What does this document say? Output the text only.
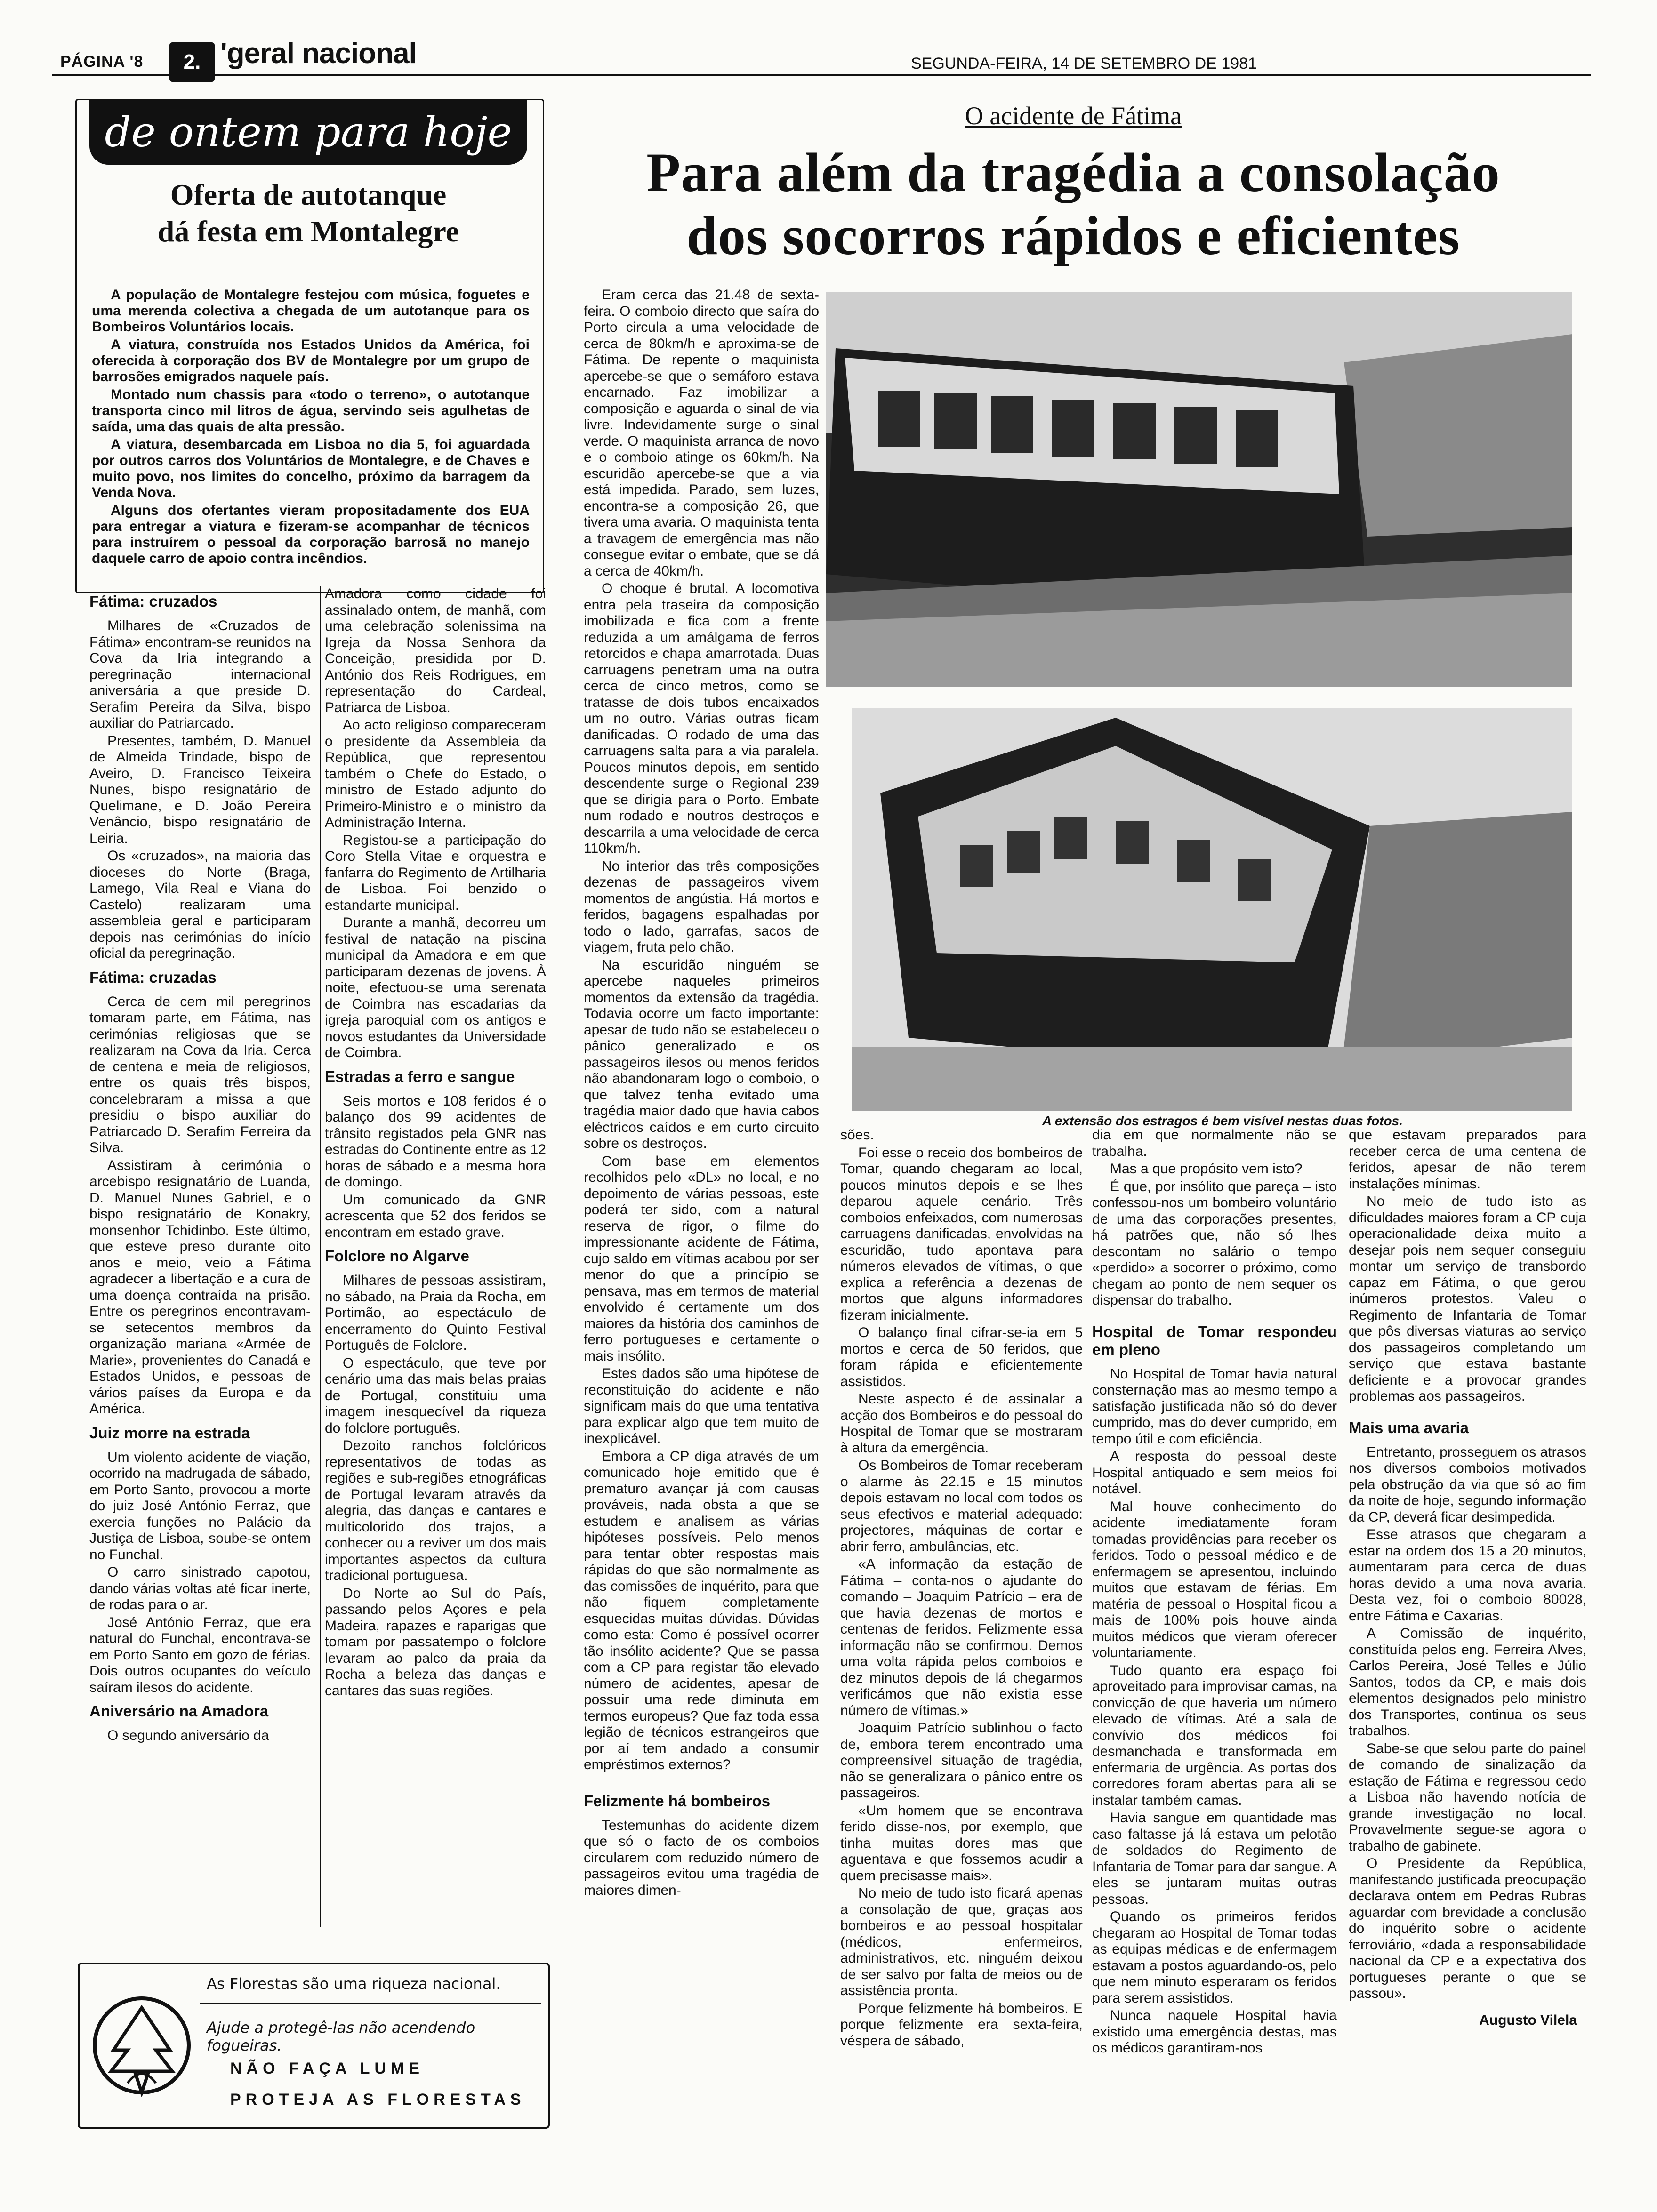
PÁGINA '8	2. 'geral nacional	SEGUNDA-FEIRA, 14 DE SETEMBRO DE 1981
de ontem para hoje
Oferta de autotanque
dá festa em Montalegre

A população de Montalegre festejou com música, foguetes e uma merenda colectiva a chegada de um autotanque para os Bombeiros Voluntários locais.

A viatura, construída nos Estados Unidos da América, foi oferecida à corporação dos BV de Montalegre por um grupo de barrosões emigrados naquele país.

Montado num chassis para «todo o terreno», o autotanque transporta cinco mil litros de água, servindo seis agulhetas de saída, uma das quais de alta pressão.

A viatura, desembarcada em Lisboa no dia 5, foi aguardada por outros carros dos Voluntários de Montalegre, e de Chaves e muito povo, nos limites do concelho, próximo da barragem da Venda Nova.

Alguns dos ofertantes vieram propositadamente dos EUA para entregar a viatura e fizeram-se acompanhar de técnicos para instruírem o pessoal da corporação barrosã no manejo daquele carro de apoio contra incêndios.

Fátima: cruzados

Milhares de «Cruzados de Fátima» encontram-se reunidos na Cova da Iria integrando a peregrinação internacional aniversária a que preside D. Serafim Pereira da Silva, bispo auxiliar do Patriarcado.

Presentes, também, D. Manuel de Almeida Trindade, bispo de Aveiro, D. Francisco Teixeira Nunes, bispo resignatário de Quelimane, e D. João Pereira Venâncio, bispo resignatário de Leiria.

Os «cruzados», na maioria das dioceses do Norte (Braga, Lamego, Vila Real e Viana do Castelo) realizaram uma assembleia geral e participaram depois nas cerimónias do início oficial da peregrinação.

Fátima: cruzadas

Cerca de cem mil peregrinos tomaram parte, em Fátima, nas cerimónias religiosas que se realizaram na Cova da Iria. Cerca de centena e meia de religiosos, entre os quais três bispos, concelebraram a missa a que presidiu o bispo auxiliar do Patriarcado D. Serafim Ferreira da Silva.

Assistiram à cerimónia o arcebispo resignatário de Luanda, D. Manuel Nunes Gabriel, e o bispo resignatário de Konakry, monsenhor Tchidinbo. Este último, que esteve preso durante oito anos e meio, veio a Fátima agradecer a libertação e a cura de uma doença contraída na prisão. Entre os peregrinos encontravam-se setecentos membros da organização mariana «Armée de Marie», provenientes do Canadá e Estados Unidos, e pessoas de vários países da Europa e da América.

Juiz morre na estrada

Um violento acidente de viação, ocorrido na madrugada de sábado, em Porto Santo, provocou a morte do juiz José António Ferraz, que exercia funções no Palácio da Justiça de Lisboa, soube-se ontem no Funchal.

O carro sinistrado capotou, dando várias voltas até ficar inerte, de rodas para o ar.

José António Ferraz, que era natural do Funchal, encontrava-se em Porto Santo em gozo de férias. Dois outros ocupantes do veículo saíram ilesos do acidente.

Aniversário na Amadora

O segundo aniversário da

Amadora como cidade foi assinalado ontem, de manhã, com uma celebração solenissima na Igreja da Nossa Senhora da Conceição, presidida por D. António dos Reis Rodrigues, em representação do Cardeal, Patriarca de Lisboa.

Ao acto religioso compareceram o presidente da Assembleia da República, que representou também o Chefe do Estado, o ministro de Estado adjunto do Primeiro-Ministro e o ministro da Administração Interna.

Registou-se a participação do Coro Stella Vitae e orquestra e fanfarra do Regimento de Artilharia de Lisboa. Foi benzido o estandarte municipal.

Durante a manhã, decorreu um festival de natação na piscina municipal da Amadora e em que participaram dezenas de jovens. À noite, efectuou-se uma serenata de Coimbra nas escadarias da igreja paroquial com os antigos e novos estudantes da Universidade de Coimbra.

Estradas a ferro e sangue

Seis mortos e 108 feridos é o balanço dos 99 acidentes de trânsito registados pela GNR nas estradas do Continente entre as 12 horas de sábado e a mesma hora de domingo.

Um comunicado da GNR acrescenta que 52 dos feridos se encontram em estado grave.

Folclore no Algarve

Milhares de pessoas assistiram, no sábado, na Praia da Rocha, em Portimão, ao espectáculo de encerramento do Quinto Festival Português de Folclore.

O espectáculo, que teve por cenário uma das mais belas praias de Portugal, constituiu uma imagem inesquecível da riqueza do folclore português.

Dezoito ranchos folclóricos representativos de todas as regiões e sub-regiões etnográficas de Portugal levaram através da alegria, das danças e cantares e multicolorido dos trajos, a conhecer ou a reviver um dos mais importantes aspectos da cultura tradicional portuguesa.

Do Norte ao Sul do País, passando pelos Açores e pela Madeira, rapazes e raparigas que tomam por passatempo o folclore levaram ao palco da praia da Rocha a beleza das danças e cantares das suas regiões.

As Florestas são uma riqueza nacional.
Ajude a protegê-las não acendendo fogueiras.
NÃO FAÇA LUME
PROTEJA AS FLORESTAS
O acidente de Fátima
Para além da tragédia a consolação
dos socorros rápidos e eficientes
A extensão dos estragos é bem visível nestas duas fotos.

Eram cerca das 21.48 de sexta-feira. O comboio directo que saíra do Porto circula a uma velocidade de cerca de 80km/h e aproxima-se de Fátima. De repente o maquinista apercebe-se que o semáforo estava encarnado. Faz imobilizar a composição e aguarda o sinal de via livre. Indevidamente surge o sinal verde. O maquinista arranca de novo e o comboio atinge os 60km/h. Na escuridão apercebe-se que a via está impedida. Parado, sem luzes, encontra-se a composição 26, que tivera uma avaria. O maquinista tenta a travagem de emergência mas não consegue evitar o embate, que se dá a cerca de 40km/h.

O choque é brutal. A locomotiva entra pela traseira da composição imobilizada e fica com a frente reduzida a um amálgama de ferros retorcidos e chapa amarrotada. Duas carruagens penetram uma na outra cerca de cinco metros, como se tratasse de dois tubos encaixados um no outro. Várias outras ficam danificadas. O rodado de uma das carruagens salta para a via paralela. Poucos minutos depois, em sentido descendente surge o Regional 239 que se dirigia para o Porto. Embate num rodado e noutros destroços e descarrila a uma velocidade de cerca 110km/h.

No interior das três composições dezenas de passageiros vivem momentos de angústia. Há mortos e feridos, bagagens espalhadas por todo o lado, garrafas, sacos de viagem, fruta pelo chão.

Na escuridão ninguém se apercebe naqueles primeiros momentos da extensão da tragédia. Todavia ocorre um facto importante: apesar de tudo não se estabeleceu o pânico generalizado e os passageiros ilesos ou menos feridos não abandonaram logo o comboio, o que talvez tenha evitado uma tragédia maior dado que havia cabos eléctricos caídos e em curto circuito sobre os destroços.

Com base em elementos recolhidos pelo «DL» no local, e no depoimento de várias pessoas, este poderá ter sido, com a natural reserva de rigor, o filme do impressionante acidente de Fátima, cujo saldo em vítimas acabou por ser menor do que a princípio se pensava, mas em termos de material envolvido é certamente um dos maiores da história dos caminhos de ferro portugueses e certamente o mais insólito.

Estes dados são uma hipótese de reconstituição do acidente e não significam mais do que uma tentativa para explicar algo que tem muito de inexplicável.

Embora a CP diga através de um comunicado hoje emitido que é prematuro avançar já com causas prováveis, nada obsta a que se estudem e analisem as várias hipóteses possíveis. Pelo menos para tentar obter respostas mais rápidas do que são normalmente as das comissões de inquérito, para que não fiquem completamente esquecidas muitas dúvidas. Dúvidas como esta: Como é possível ocorrer tão insólito acidente? Que se passa com a CP para registar tão elevado número de acidentes, apesar de possuir uma rede diminuta em termos europeus? Que faz toda essa legião de técnicos estrangeiros que por aí tem andado a consumir empréstimos externos?

Felizmente há bombeiros

Testemunhas do acidente dizem que só o facto de os comboios circularem com reduzido número de passageiros evitou uma tragédia de maiores dimen-

sões.

Foi esse o receio dos bombeiros de Tomar, quando chegaram ao local, poucos minutos depois e se lhes deparou aquele cenário. Três comboios enfeixados, com numerosas carruagens danificadas, envolvidas na escuridão, tudo apontava para números elevados de vítimas, o que explica a referência a dezenas de mortos que alguns informadores fizeram inicialmente.

O balanço final cifrar-se-ia em 5 mortos e cerca de 50 feridos, que foram rápida e eficientemente assistidos.

Neste aspecto é de assinalar a acção dos Bombeiros e do pessoal do Hospital de Tomar que se mostraram à altura da emergência.

Os Bombeiros de Tomar receberam o alarme às 22.15 e 15 minutos depois estavam no local com todos os seus efectivos e material adequado: projectores, máquinas de cortar e abrir ferro, ambulâncias, etc.

«A informação da estação de Fátima – conta-nos o ajudante do comando – Joaquim Patrício – era de que havia dezenas de mortos e centenas de feridos. Felizmente essa informação não se confirmou. Demos uma volta rápida pelos comboios e dez minutos depois de lá chegarmos verificámos que não existia esse número de vítimas.»

Joaquim Patrício sublinhou o facto de, embora terem encontrado uma compreensível situação de tragédia, não se generalizara o pânico entre os passageiros.

«Um homem que se encontrava ferido disse-nos, por exemplo, que tinha muitas dores mas que aguentava e que fossemos acudir a quem precisasse mais».

No meio de tudo isto ficará apenas a consolação de que, graças aos bombeiros e ao pessoal hospitalar (médicos, enfermeiros, administrativos, etc. ninguém deixou de ser salvo por falta de meios ou de assistência pronta.

Porque felizmente há bombeiros. E porque felizmente era sexta-feira, véspera de sábado,

dia em que normalmente não se trabalha.

Mas a que propósito vem isto?

É que, por insólito que pareça – isto confessou-nos um bombeiro voluntário de uma das corporações presentes, há patrões que, não só lhes descontam no salário o tempo «perdido» a socorrer o próximo, como chegam ao ponto de nem sequer os dispensar do trabalho.

Hospital de Tomar respondeu em pleno

No Hospital de Tomar havia natural consternação mas ao mesmo tempo a satisfação justificada não só do dever cumprido, mas do dever cumprido, em tempo útil e com eficiência.

A resposta do pessoal deste Hospital antiquado e sem meios foi notável.

Mal houve conhecimento do acidente imediatamente foram tomadas providências para receber os feridos. Todo o pessoal médico e de enfermagem se apresentou, incluindo muitos que estavam de férias. Em matéria de pessoal o Hospital ficou a mais de 100% pois houve ainda muitos médicos que vieram oferecer voluntariamente.

Tudo quanto era espaço foi aproveitado para improvisar camas, na convicção de que haveria um número elevado de vítimas. Até a sala de convívio dos médicos foi desmanchada e transformada em enfermaria de urgência. As portas dos corredores foram abertas para ali se instalar também camas.

Havia sangue em quantidade mas caso faltasse já lá estava um pelotão de soldados do Regimento de Infantaria de Tomar para dar sangue. A eles se juntaram muitas outras pessoas.

Quando os primeiros feridos chegaram ao Hospital de Tomar todas as equipas médicas e de enfermagem estavam a postos aguardando-os, pelo que nem minuto esperaram os feridos para serem assistidos.

Nunca naquele Hospital havia existido uma emergência destas, mas os médicos garantiram-nos

que estavam preparados para receber cerca de uma centena de feridos, apesar de não terem instalações mínimas.

No meio de tudo isto as dificuldades maiores foram a CP cuja operacionalidade deixa muito a desejar pois nem sequer conseguiu montar um serviço de transbordo capaz em Fátima, o que gerou inúmeros protestos. Valeu o Regimento de Infantaria de Tomar que pôs diversas viaturas ao serviço dos passageiros completando um serviço que estava bastante deficiente e a provocar grandes problemas aos passageiros.

Mais uma avaria

Entretanto, prosseguem os atrasos nos diversos comboios motivados pela obstrução da via que só ao fim da noite de hoje, segundo informação da CP, deverá ficar desimpedida.

Esse atrasos que chegaram a estar na ordem dos 15 a 20 minutos, aumentaram para cerca de duas horas devido a uma nova avaria. Desta vez, foi o comboio 80028, entre Fátima e Caxarias.

A Comissão de inquérito, constituída pelos eng. Ferreira Alves, Carlos Pereira, José Telles e Júlio Santos, todos da CP, e mais dois elementos designados pelo ministro dos Transportes, continua os seus trabalhos.

Sabe-se que selou parte do painel de comando de sinalização da estação de Fátima e regressou cedo a Lisboa não havendo notícia de grande investigação no local. Provavelmente segue-se agora o trabalho de gabinete.

O Presidente da República, manifestando justificada preocupação declarava ontem em Pedras Rubras aguardar com brevidade a conclusão do inquérito sobre o acidente ferroviário, «dada a responsabilidade nacional da CP e a expectativa dos portugueses perante o que se passou».

Augusto Vilela
